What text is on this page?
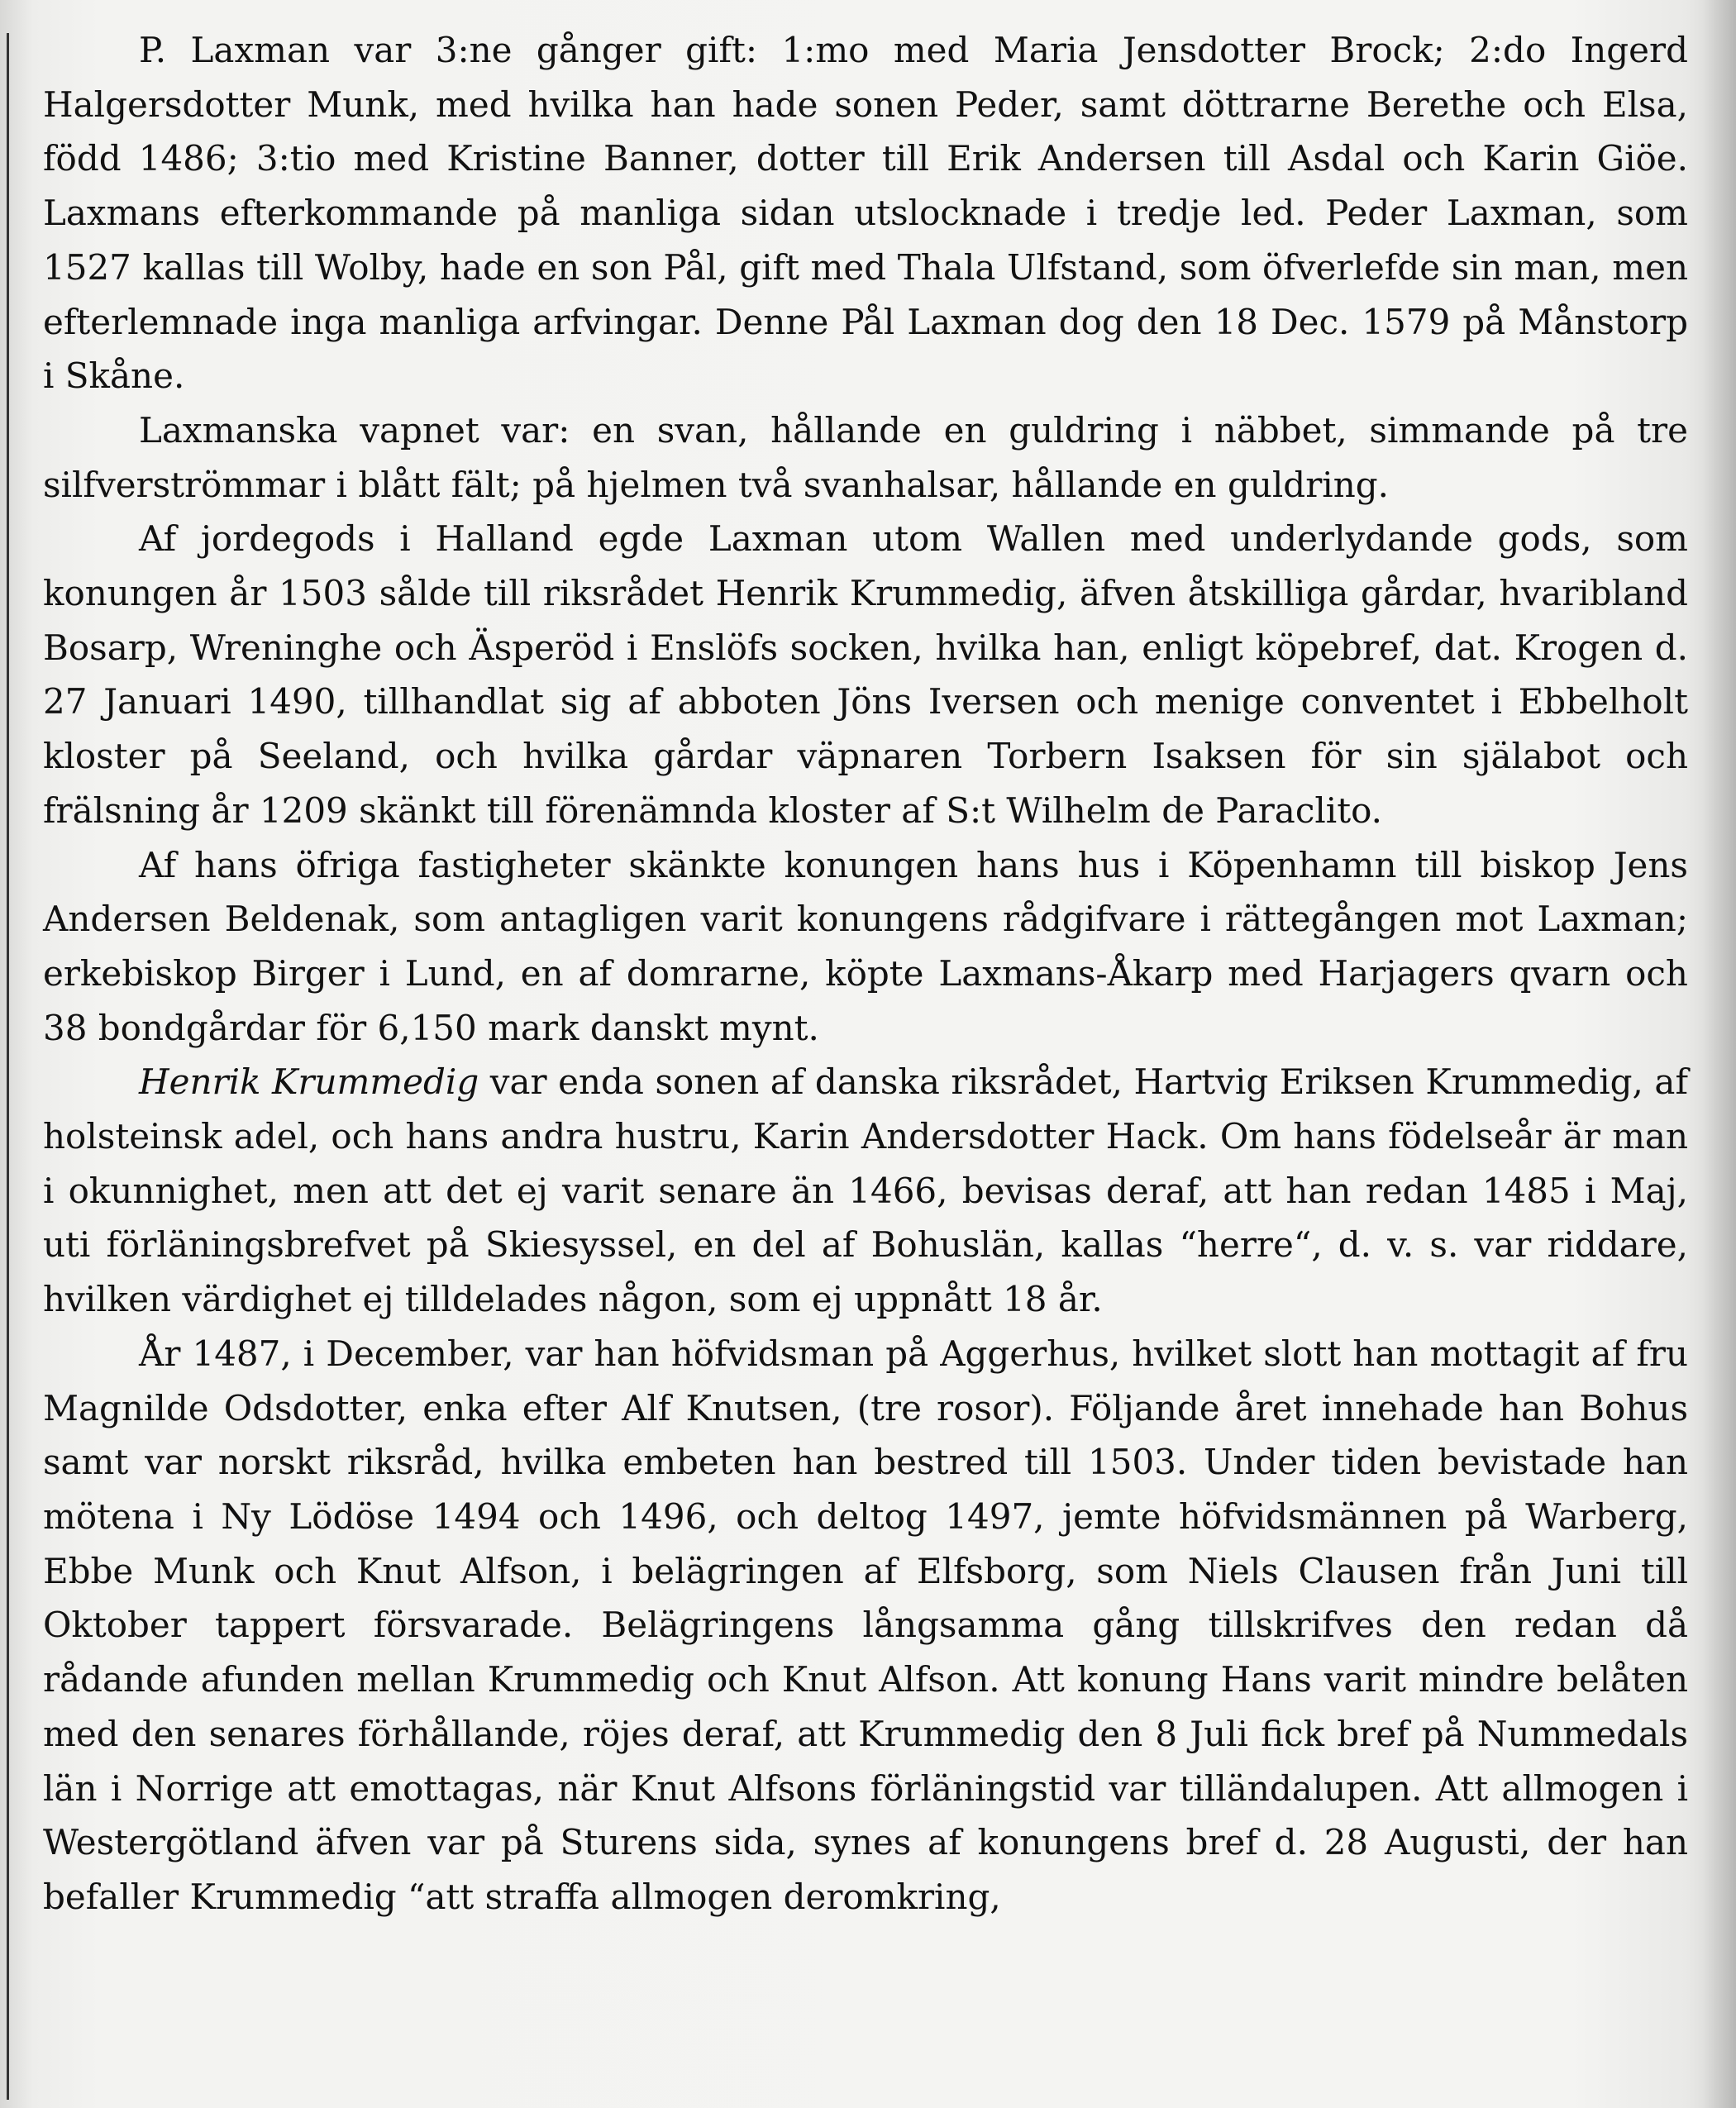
P. Laxman var 3:ne gånger gift: 1:mo med Maria Jensdotter Brock; 2:do Ingerd Halgersdotter Munk, med hvilka han hade sonen Peder, samt döttrarne Berethe och Elsa, född 1486; 3:tio med Kristine Banner, dotter till Erik Andersen till Asdal och Karin Giöe. Laxmans efterkommande på manliga sidan utslocknade i tredje led. Peder Laxman, som 1527 kallas till Wolby, hade en son Pål, gift med Thala Ulfstand, som öfverlefde sin man, men efterlemnade inga manliga arfvingar. Denne Pål Laxman dog den 18 Dec. 1579 på Månstorp i Skåne.

Laxmanska vapnet var: en svan, hållande en guldring i näbbet, simmande på tre silfverströmmar i blått fält; på hjelmen två svanhalsar, hållande en guldring.

Af jordegods i Halland egde Laxman utom Wallen med underlydande gods, som konungen år 1503 sålde till riksrådet Henrik Krummedig, äfven åtskilliga gårdar, hvaribland Bosarp, Wreninghe och Äsperöd i Enslöfs socken, hvilka han, enligt köpebref, dat. Krogen d. 27 Januari 1490, tillhandlat sig af abboten Jöns Iversen och menige conventet i Ebbelholt kloster på Seeland, och hvilka gårdar väpnaren Torbern Isaksen för sin själabot och frälsning år 1209 skänkt till förenämnda kloster af S:t Wilhelm de Paraclito.

Af hans öfriga fastigheter skänkte konungen hans hus i Köpenhamn till biskop Jens Andersen Beldenak, som antagligen varit konungens rådgifvare i rättegången mot Laxman; erkebiskop Birger i Lund, en af domrarne, köpte Laxmans-Åkarp med Harjagers qvarn och 38 bondgårdar för 6,150 mark danskt mynt.

Henrik Krummedig var enda sonen af danska riksrådet, Hartvig Eriksen Krummedig, af holsteinsk adel, och hans andra hustru, Karin Andersdotter Hack. Om hans födelseår är man i okunnighet, men att det ej varit senare än 1466, bevisas deraf, att han redan 1485 i Maj, uti förläningsbrefvet på Skiesyssel, en del af Bohuslän, kallas “herre“, d. v. s. var riddare, hvilken värdighet ej tilldelades någon, som ej uppnått 18 år.

År 1487, i December, var han höfvidsman på Aggerhus, hvilket slott han mottagit af fru Magnilde Odsdotter, enka efter Alf Knutsen, (tre rosor). Följande året innehade han Bohus samt var norskt riksråd, hvilka embeten han bestred till 1503. Under tiden bevistade han mötena i Ny Lödöse 1494 och 1496, och deltog 1497, jemte höfvidsmännen på Warberg, Ebbe Munk och Knut Alfson, i belägringen af Elfsborg, som Niels Clausen från Juni till Oktober tappert försvarade. Belägringens långsamma gång tillskrifves den redan då rådande afunden mellan Krummedig och Knut Alfson. Att konung Hans varit mindre belåten med den senares förhållande, röjes deraf, att Krummedig den 8 Juli fick bref på Nummedals län i Norrige att emottagas, när Knut Alfsons förläningstid var tilländalupen. Att allmogen i Westergötland äfven var på Sturens sida, synes af konungens bref d. 28 Augusti, der han befaller Krummedig “att straffa allmogen deromkring,
